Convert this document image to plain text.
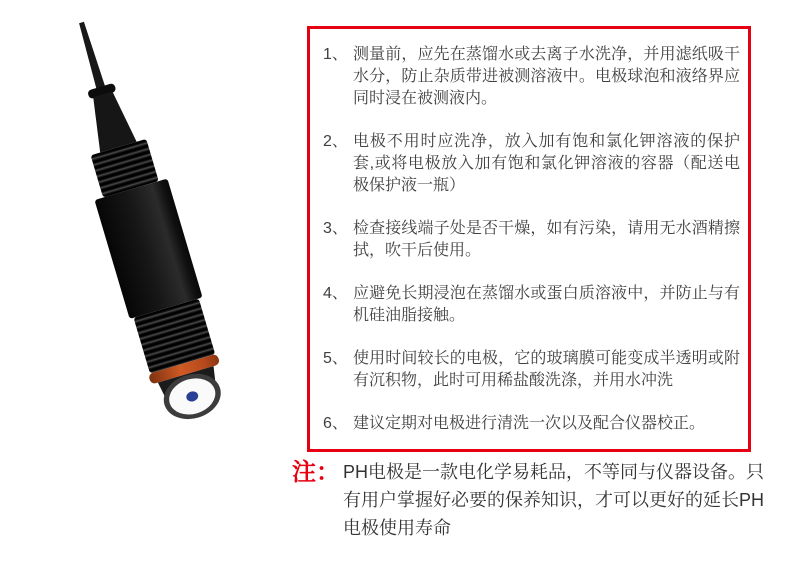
1、 测量前，应先在蒸馏水或去离子水洗净，并用滤纸吸干水分，防止杂质带进被测溶液中。电极球泡和液络界应同时浸在被测液内。
2、 电极不用时应洗净，放入加有饱和氯化钾溶液的保护套,或将电极放入加有饱和氯化钾溶液的容器（配送电极保护液一瓶）
3、 检查接线端子处是否干燥，如有污染，请用无水酒精擦拭，吹干后使用。
4、 应避免长期浸泡在蒸馏水或蛋白质溶液中，并防止与有机硅油脂接触。
5、 使用时间较长的电极，它的玻璃膜可能变成半透明或附有沉积物，此时可用稀盐酸洗涤，并用水冲洗
6、 建议定期对电极进行清洗一次以及配合仪器校正。
注： PH电极是一款电化学易耗品，不等同与仪器设备。只有用户掌握好必要的保养知识，才可以更好的延长PH电极使用寿命
